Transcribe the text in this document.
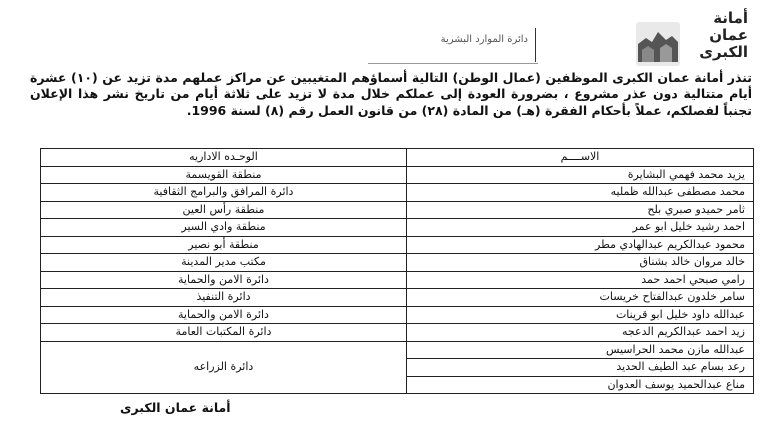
أمانة
عمان
الكبرى
دائرة الموارد البشرية
تنذر أمانة عمان الكبرى الموظفين (عمال الوطن) التالية أسماؤهم المتغيبين عن مراكز عملهم مدة تزيد عن (١٠) عشرة أيام متتالية دون عذر مشروع ، بضرورة العودة إلى عملكم خلال مدة لا تزيد على ثلاثة أيام من تاريخ نشر هذا الإعلان تجنباً لفصلكم، عملاً بأحكام الفقرة (هـ) من المادة (٢٨) من قانون العمل رقم (٨) لسنة 1996.
الاســــم	الوحـده الاداريه
يزيد محمد فهمي البشايرة	منطقة القويسمة
محمد مصطفى عبدالله ظمليه	دائرة المرافق والبرامج الثقافية
ثامر حميدو صبري بلح	منطقة رأس العين
احمد رشيد خليل ابو عمر	منطقة وادي السير
محمود عبدالكريم عبدالهادي مطر	منطقة أبو نصير
خالد مروان خالد بشناق	مكتب مدير المدينة
رامي صبحي احمد حمد	دائرة الامن والحماية
سامر خلدون عبدالفتاح خريسات	دائرة التنفيذ
عبدالله داود خليل ابو قرينات	دائرة الامن والحماية
زيد احمد عبدالكريم الدعجه	دائرة المكتبات العامة
عبدالله مازن محمد الحراسيس	دائرة الزراعه
رعد بسام عبد الطيف الحديد	
مناع عبدالحميد يوسف العدوان	
أمانة عمان الكبرى
